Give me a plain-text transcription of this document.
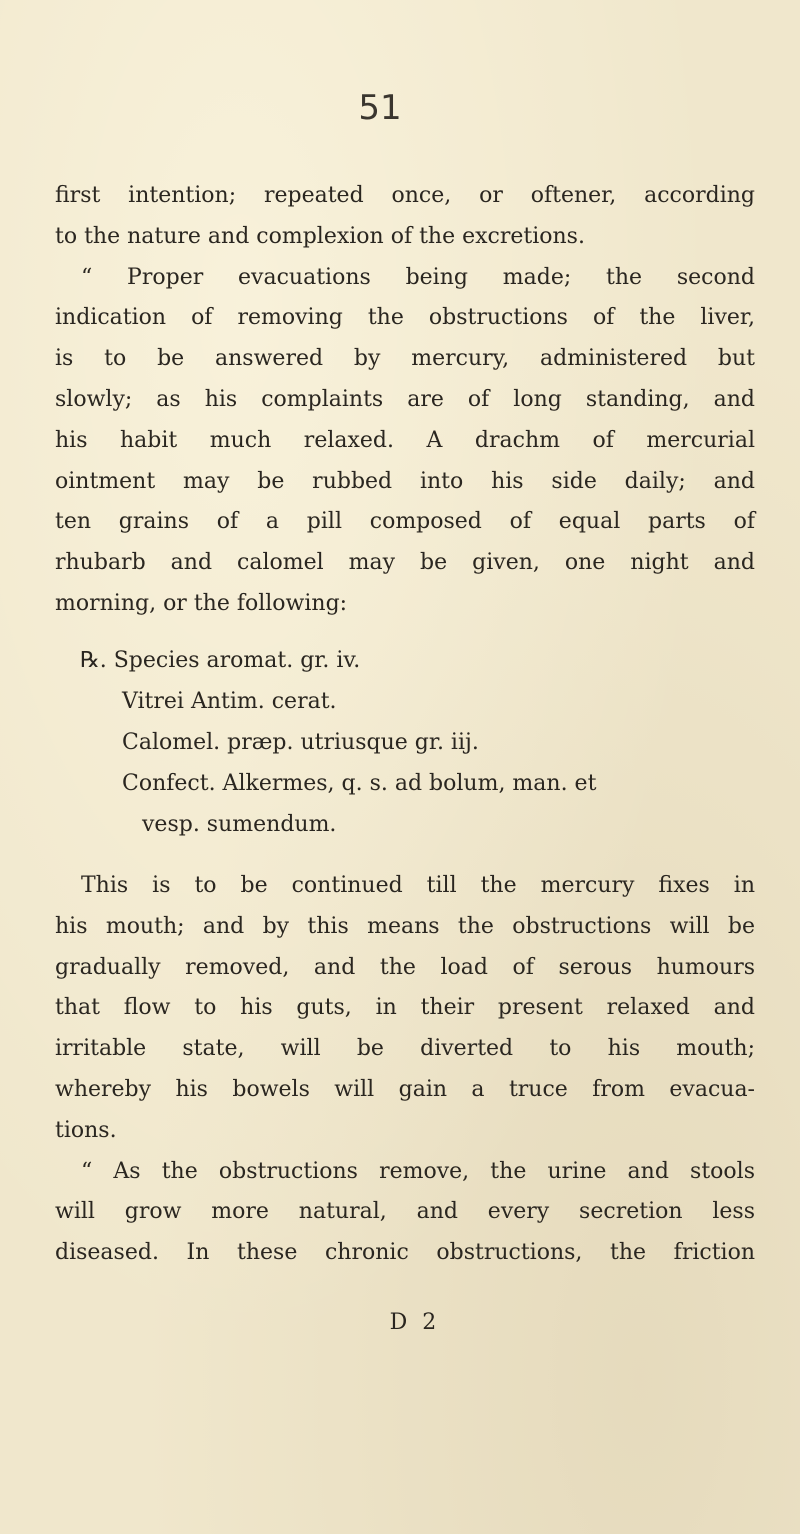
51
first intention; repeated once, or oftener, according
to the nature and complexion of the excretions.
“ Proper evacuations being made; the second
indication of removing the obstructions of the liver,
is to be answered by mercury, administered but
slowly; as his complaints are of long standing, and
his habit much relaxed. A drachm of mercurial
ointment may be rubbed into his side daily; and
ten grains of a pill composed of equal parts of
rhubarb and calomel may be given, one night and
morning, or the following:
℞. Species aromat. gr. iv.
Vitrei Antim. cerat.
Calomel. præp. utriusque gr. iij.
Confect. Alkermes, q. s. ad bolum, man. et
vesp. sumendum.
This is to be continued till the mercury fixes in
his mouth; and by this means the obstructions will be
gradually removed, and the load of serous humours
that flow to his guts, in their present relaxed and
irritable state, will be diverted to his mouth;
whereby his bowels will gain a truce from evacua-
tions.
“ As the obstructions remove, the urine and stools
will grow more natural, and every secretion less
diseased. In these chronic obstructions, the friction
D 2
